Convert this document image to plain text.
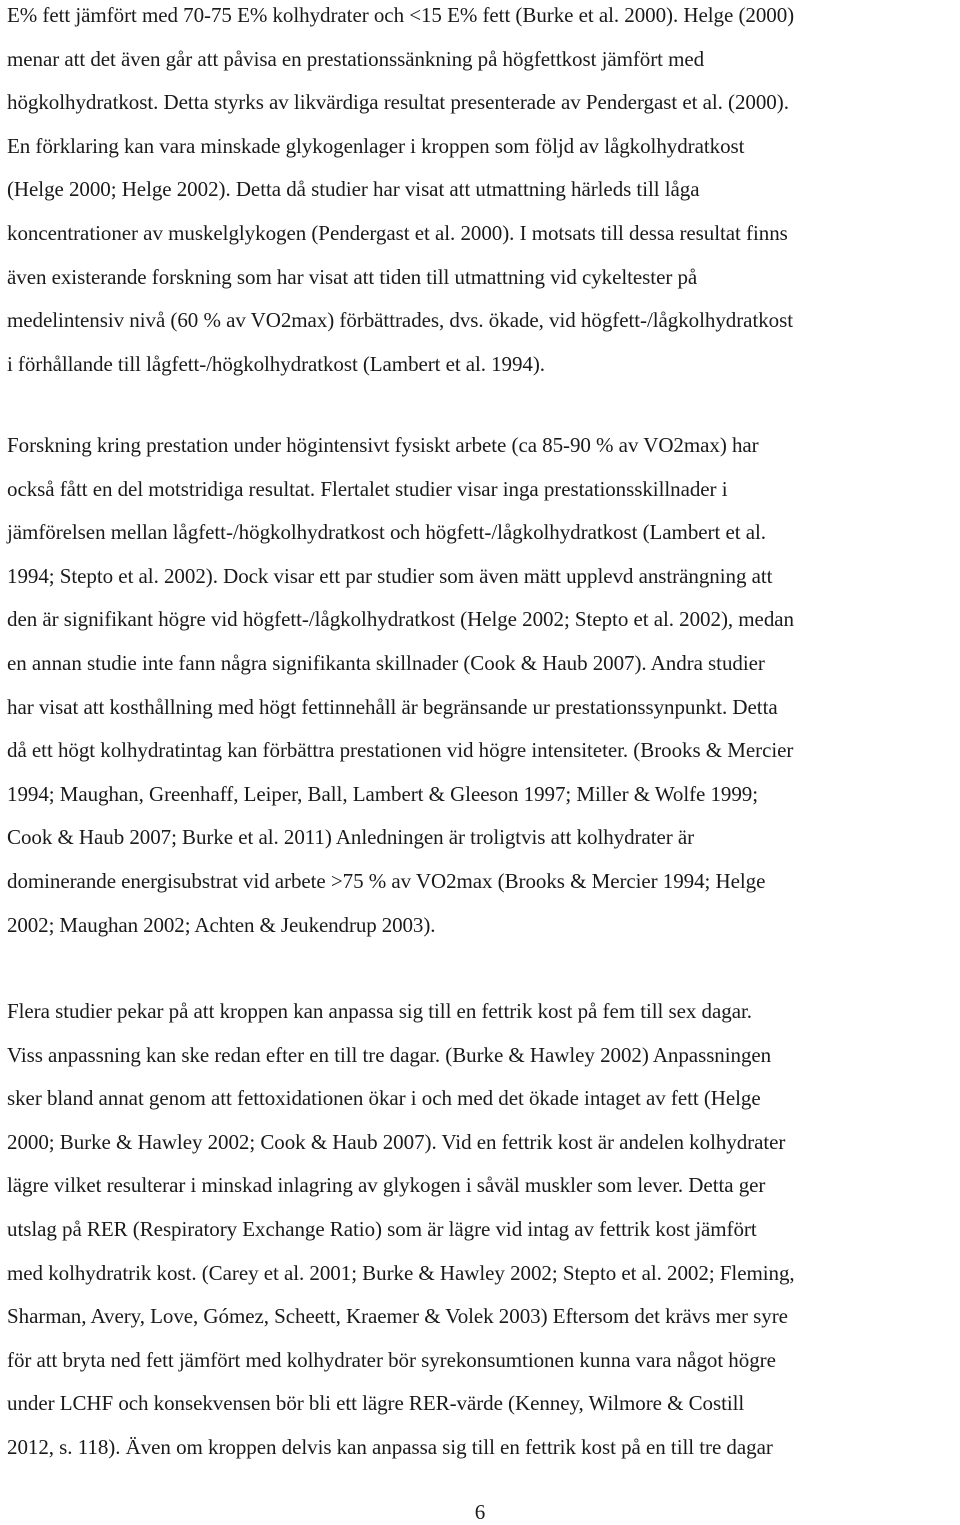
E% fett jämfört med 70-75 E% kolhydrater och <15 E% fett (Burke et al. 2000). Helge (2000)
menar att det även går att påvisa en prestationssänkning på högfettkost jämfört med
högkolhydratkost. Detta styrks av likvärdiga resultat presenterade av Pendergast et al. (2000).
En förklaring kan vara minskade glykogenlager i kroppen som följd av lågkolhydratkost
(Helge 2000; Helge 2002). Detta då studier har visat att utmattning härleds till låga
koncentrationer av muskelglykogen (Pendergast et al. 2000). I motsats till dessa resultat finns
även existerande forskning som har visat att tiden till utmattning vid cykeltester på
medelintensiv nivå (60 % av VO2max) förbättrades, dvs. ökade, vid högfett-/lågkolhydratkost
i förhållande till lågfett-/högkolhydratkost (Lambert et al. 1994).
Forskning kring prestation under högintensivt fysiskt arbete (ca 85-90 % av VO2max) har
också fått en del motstridiga resultat. Flertalet studier visar inga prestationsskillnader i
jämförelsen mellan lågfett-/högkolhydratkost och högfett-/lågkolhydratkost (Lambert et al.
1994; Stepto et al. 2002). Dock visar ett par studier som även mätt upplevd ansträngning att
den är signifikant högre vid högfett-/lågkolhydratkost (Helge 2002; Stepto et al. 2002), medan
en annan studie inte fann några signifikanta skillnader (Cook & Haub 2007). Andra studier
har visat att kosthållning med högt fettinnehåll är begränsande ur prestationssynpunkt. Detta
då ett högt kolhydratintag kan förbättra prestationen vid högre intensiteter. (Brooks & Mercier
1994; Maughan, Greenhaff, Leiper, Ball, Lambert & Gleeson 1997; Miller & Wolfe 1999;
Cook & Haub 2007; Burke et al. 2011) Anledningen är troligtvis att kolhydrater är
dominerande energisubstrat vid arbete >75 % av VO2max (Brooks & Mercier 1994; Helge
2002; Maughan 2002; Achten & Jeukendrup 2003).
Flera studier pekar på att kroppen kan anpassa sig till en fettrik kost på fem till sex dagar.
Viss anpassning kan ske redan efter en till tre dagar. (Burke & Hawley 2002) Anpassningen
sker bland annat genom att fettoxidationen ökar i och med det ökade intaget av fett (Helge
2000; Burke & Hawley 2002; Cook & Haub 2007). Vid en fettrik kost är andelen kolhydrater
lägre vilket resulterar i minskad inlagring av glykogen i såväl muskler som lever. Detta ger
utslag på RER (Respiratory Exchange Ratio) som är lägre vid intag av fettrik kost jämfört
med kolhydratrik kost. (Carey et al. 2001; Burke & Hawley 2002; Stepto et al. 2002; Fleming,
Sharman, Avery, Love, Gómez, Scheett, Kraemer & Volek 2003) Eftersom det krävs mer syre
för att bryta ned fett jämfört med kolhydrater bör syrekonsumtionen kunna vara något högre
under LCHF och konsekvensen bör bli ett lägre RER-värde (Kenney, Wilmore & Costill
2012, s. 118). Även om kroppen delvis kan anpassa sig till en fettrik kost på en till tre dagar
6
